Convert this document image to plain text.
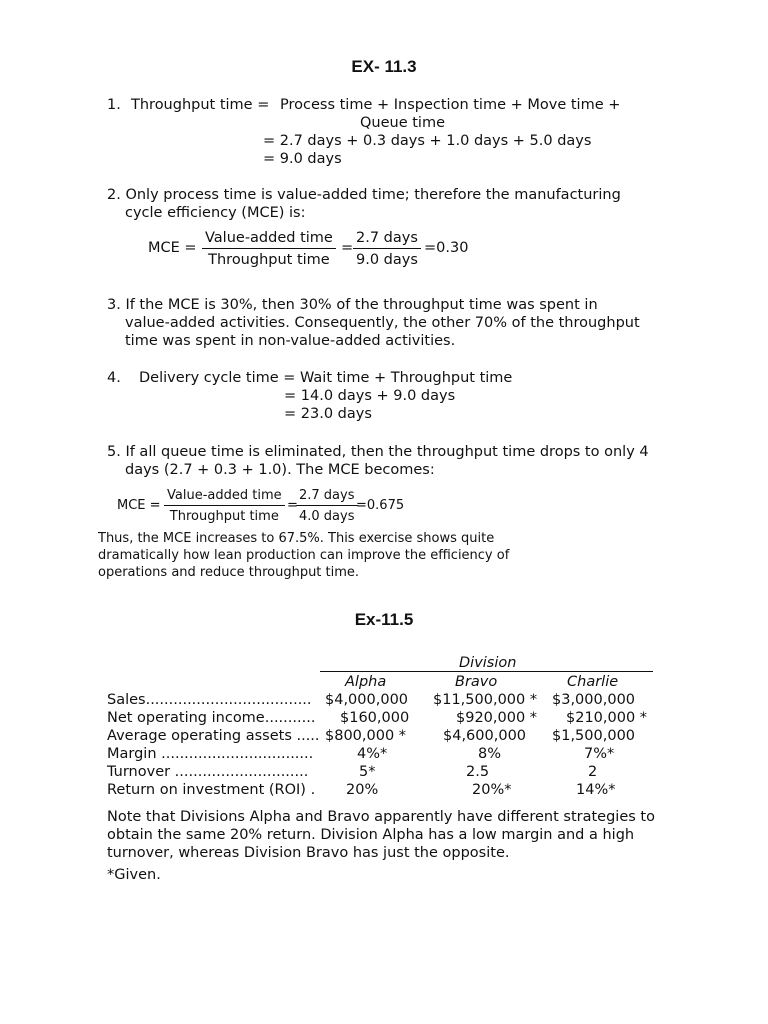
EX- 11.3
1. Throughput time = Process time + Inspection time + Move time +
Queue time
= 2.7 days + 0.3 days + 1.0 days + 5.0 days
= 9.0 days
2. Only process time is value-added time; therefore the manufacturing
cycle efficiency (MCE) is:
MCE =
Value-added time
Throughput time
=
2.7 days
9.0 days
=0.30
3. If the MCE is 30%, then 30% of the throughput time was spent in
value-added activities. Consequently, the other 70% of the throughput
time was spent in non-value-added activities.
4. Delivery cycle time = Wait time + Throughput time
= 14.0 days + 9.0 days
= 23.0 days
5. If all queue time is eliminated, then the throughput time drops to only 4
days (2.7 + 0.3 + 1.0). The MCE becomes:
MCE =
Value-added time
Throughput time
=
2.7 days
4.0 days
=0.675
Thus, the MCE increases to 67.5%. This exercise shows quite
dramatically how lean production can improve the efficiency of
operations and reduce throughput time.
Ex-11.5
Division
Alpha	Bravo	Charlie
Sales.................................... $4,000,000 $11,500,000 * $3,000,000
Net operating income........... $160,000	$920,000 * $210,000 *
Average operating assets ..... $800,000 *	$4,600,000 $1,500,000
Margin .................................	4%*	8%	7%*
Turnover .............................	5*	2.5	2
Return on investment (ROI) . 20%	20%*	14%*
Note that Divisions Alpha and Bravo apparently have different strategies to
obtain the same 20% return. Division Alpha has a low margin and a high
turnover, whereas Division Bravo has just the opposite.
*Given.
